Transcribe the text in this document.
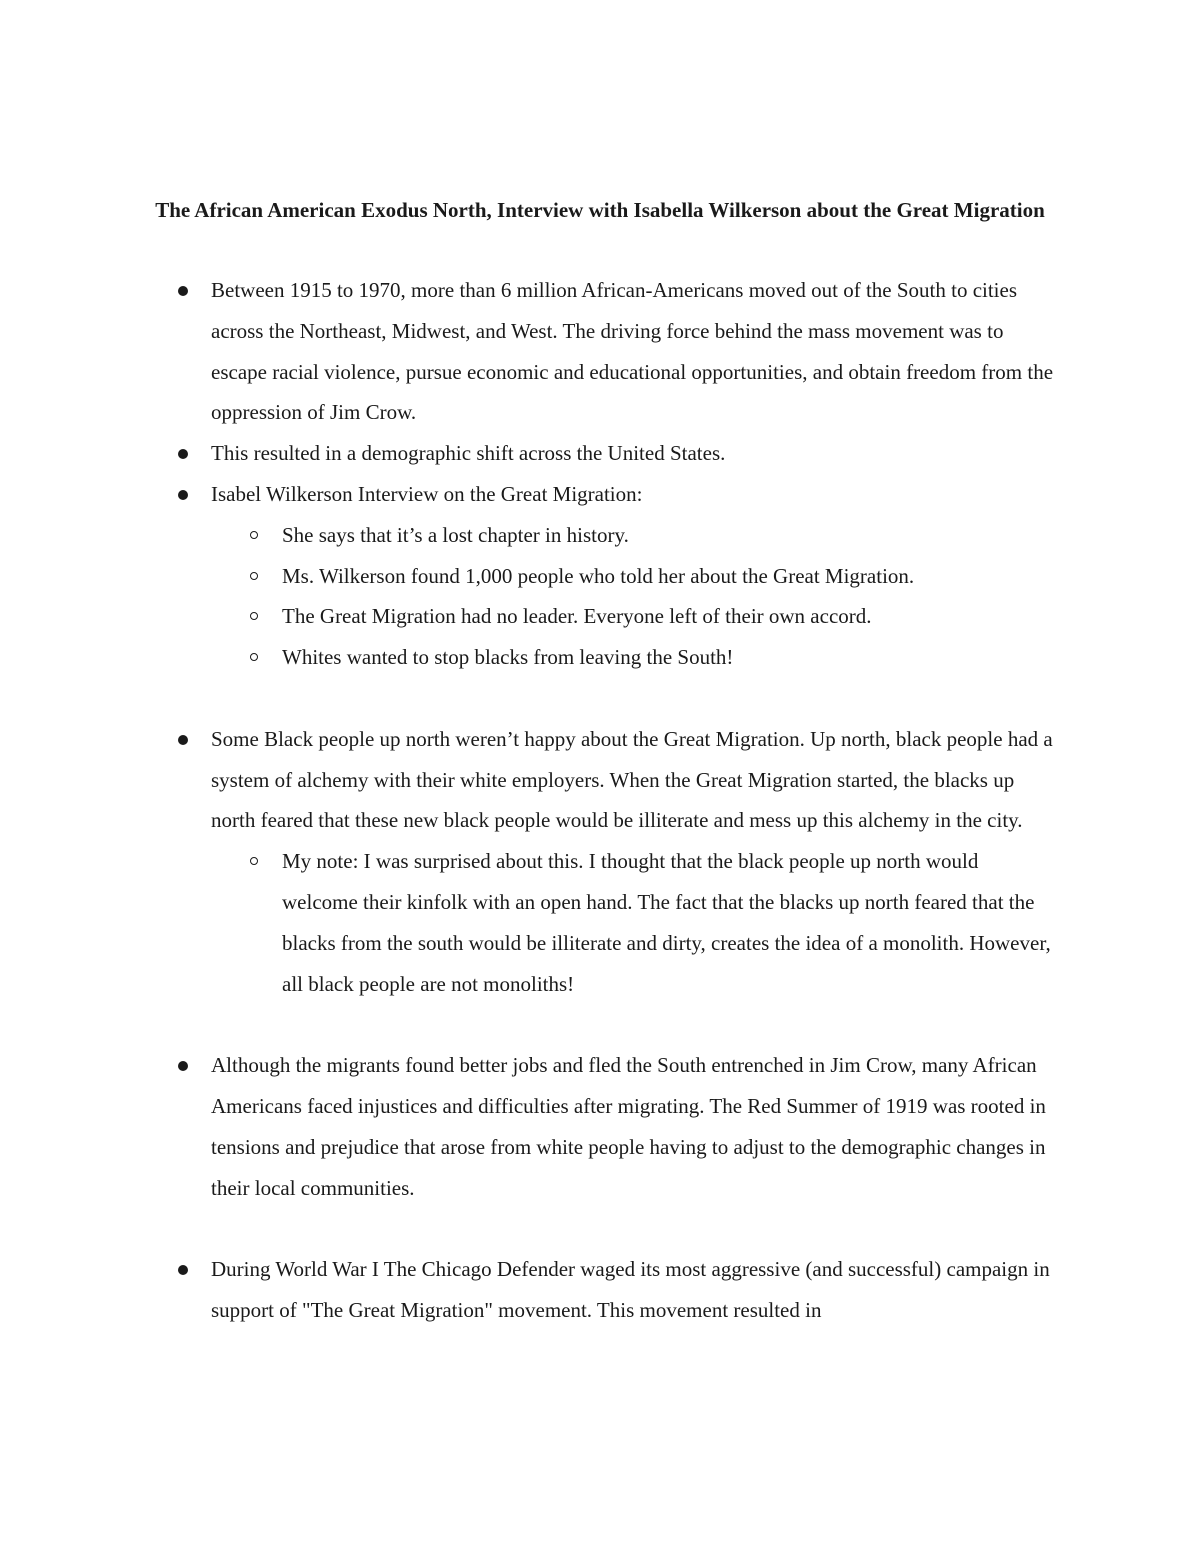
The African American Exodus North, Interview with Isabella Wilkerson about the Great Migration
Between 1915 to 1970, more than 6 million African-Americans moved out of the South to cities across the Northeast, Midwest, and West. The driving force behind the mass movement was to escape racial violence, pursue economic and educational opportunities, and obtain freedom from the oppression of Jim Crow.
This resulted in a demographic shift across the United States.
Isabel Wilkerson Interview on the Great Migration:
She says that it’s a lost chapter in history.
Ms. Wilkerson found 1,000 people who told her about the Great Migration.
The Great Migration had no leader. Everyone left of their own accord.
Whites wanted to stop blacks from leaving the South!
Some Black people up north weren’t happy about the Great Migration. Up north, black people had a system of alchemy with their white employers. When the Great Migration started, the blacks up north feared that these new black people would be illiterate and mess up this alchemy in the city.
My note: I was surprised about this. I thought that the black people up north would welcome their kinfolk with an open hand. The fact that the blacks up north feared that the blacks from the south would be illiterate and dirty, creates the idea of a monolith. However, all black people are not monoliths!
Although the migrants found better jobs and fled the South entrenched in Jim Crow, many African Americans faced injustices and difficulties after migrating. The Red Summer of 1919 was rooted in tensions and prejudice that arose from white people having to adjust to the demographic changes in their local communities.
During World War I The Chicago Defender waged its most aggressive (and successful) campaign in support of "The Great Migration" movement. This movement resulted in
